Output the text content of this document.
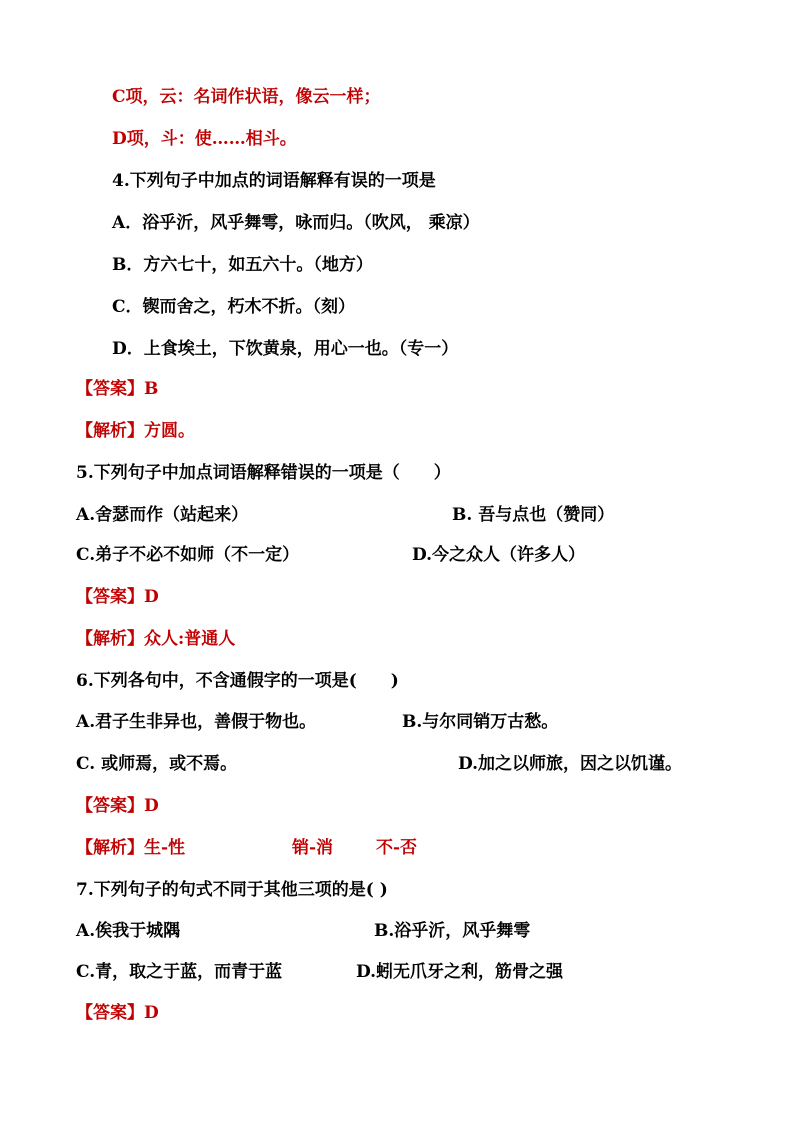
C项，云：名词作状语，像云一样；
D项，斗：使……相斗。
4.下列句子中加点的词语解释有误的一项是
A．浴乎沂，风乎舞雩，咏而归。（吹风， 乘凉）
B．方六七十，如五六十。（地方）
C．锲而舍之，朽木不折。（刻）
D．上食埃土，下饮黄泉，用心一也。（专一）
【答案】B
【解析】方圆。
5.下列句子中加点词语解释错误的一项是（　　）
A.舍瑟而作（站起来）	B. 吾与点也（赞同）
C.弟子不必不如师（不一定）	D.今之众人（许多人）
【答案】D
【解析】众人:普通人
6.下列各句中，不含通假字的一项是(　　)
A.君子生非异也，善假于物也。	B.与尔同销万古愁。
C. 或师焉，或不焉。	D.加之以师旅，因之以饥谨。
【答案】D
【解析】生-性	销-消	不-否
7.下列句子的句式不同于其他三项的是( )
A.俟我于城隅	B.浴乎沂，风乎舞雩
C.青，取之于蓝，而青于蓝	D.蚓无爪牙之利，筋骨之强
【答案】D
